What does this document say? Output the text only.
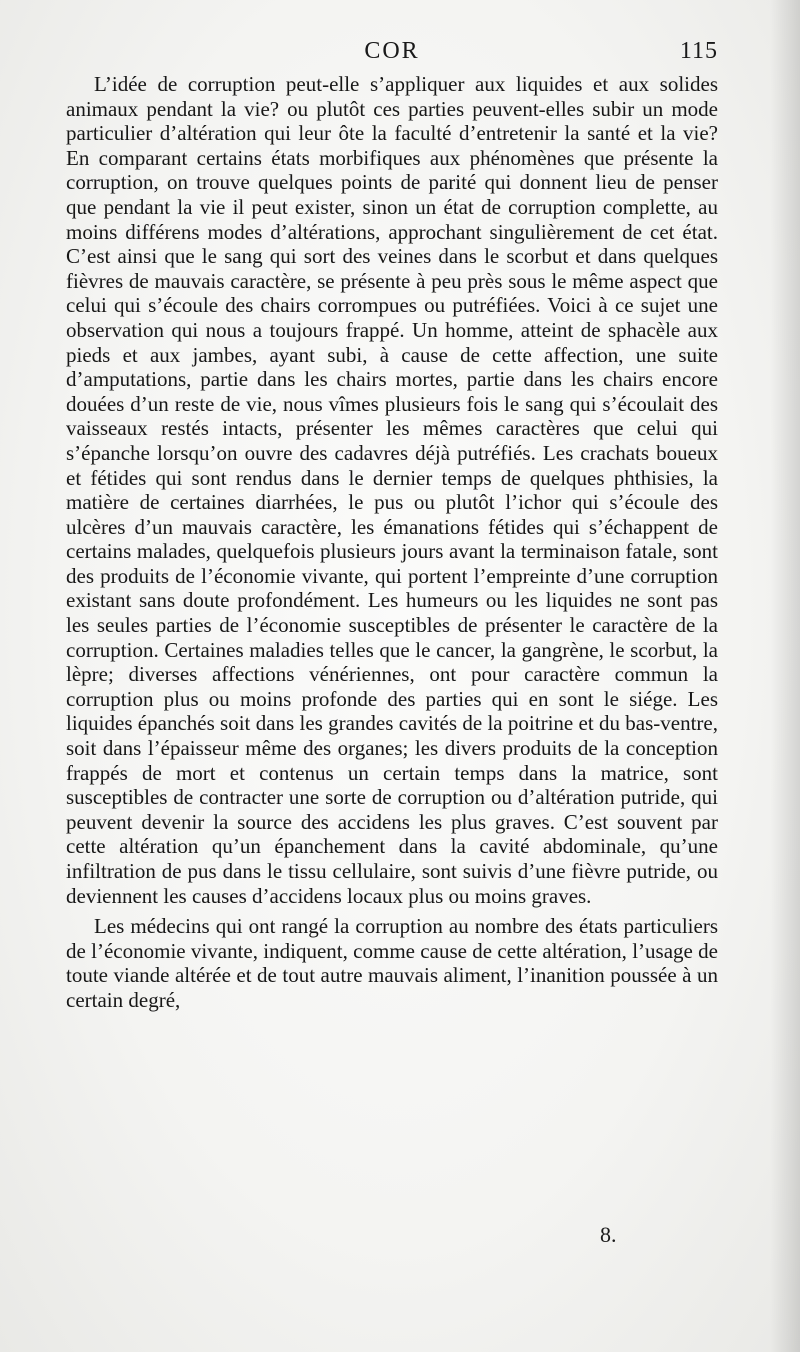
COR	115

L’idée de corruption peut-elle s’appliquer aux liquides et aux solides animaux pendant la vie? ou plutôt ces parties peuvent-elles subir un mode particulier d’altération qui leur ôte la faculté d’entretenir la santé et la vie? En comparant certains états morbifiques aux phénomènes que présente la corruption, on trouve quelques points de parité qui donnent lieu de penser que pendant la vie il peut exister, sinon un état de corruption complette, au moins différens modes d’altérations, approchant singulièrement de cet état. C’est ainsi que le sang qui sort des veines dans le scorbut et dans quelques fièvres de mauvais caractère, se présente à peu près sous le même aspect que celui qui s’écoule des chairs corrompues ou putréfiées. Voici à ce sujet une observation qui nous a toujours frappé. Un homme, atteint de sphacèle aux pieds et aux jambes, ayant subi, à cause de cette affection, une suite d’amputations, partie dans les chairs mortes, partie dans les chairs encore douées d’un reste de vie, nous vîmes plusieurs fois le sang qui s’écoulait des vaisseaux restés intacts, présenter les mêmes caractères que celui qui s’épanche lorsqu’on ouvre des cadavres déjà putréfiés. Les crachats boueux et fétides qui sont rendus dans le dernier temps de quelques phthisies, la matière de certaines diarrhées, le pus ou plutôt l’ichor qui s’écoule des ulcères d’un mauvais caractère, les émanations fétides qui s’échappent de certains malades, quelquefois plusieurs jours avant la terminaison fatale, sont des produits de l’économie vivante, qui portent l’empreinte d’une corruption existant sans doute profondément. Les humeurs ou les liquides ne sont pas les seules parties de l’économie susceptibles de présenter le caractère de la corruption. Certaines maladies telles que le cancer, la gangrène, le scorbut, la lèpre; diverses affections vénériennes, ont pour caractère commun la corruption plus ou moins profonde des parties qui en sont le siége. Les liquides épanchés soit dans les grandes cavités de la poitrine et du bas-ventre, soit dans l’épaisseur même des organes; les divers produits de la conception frappés de mort et contenus un certain temps dans la matrice, sont susceptibles de contracter une sorte de corruption ou d’altération putride, qui peuvent devenir la source des accidens les plus graves. C’est souvent par cette altération qu’un épanchement dans la cavité abdominale, qu’une infiltration de pus dans le tissu cellulaire, sont suivis d’une fièvre putride, ou deviennent les causes d’accidens locaux plus ou moins graves.

Les médecins qui ont rangé la corruption au nombre des états particuliers de l’économie vivante, indiquent, comme cause de cette altération, l’usage de toute viande altérée et de tout autre mauvais aliment, l’inanition poussée à un certain degré,

8.
